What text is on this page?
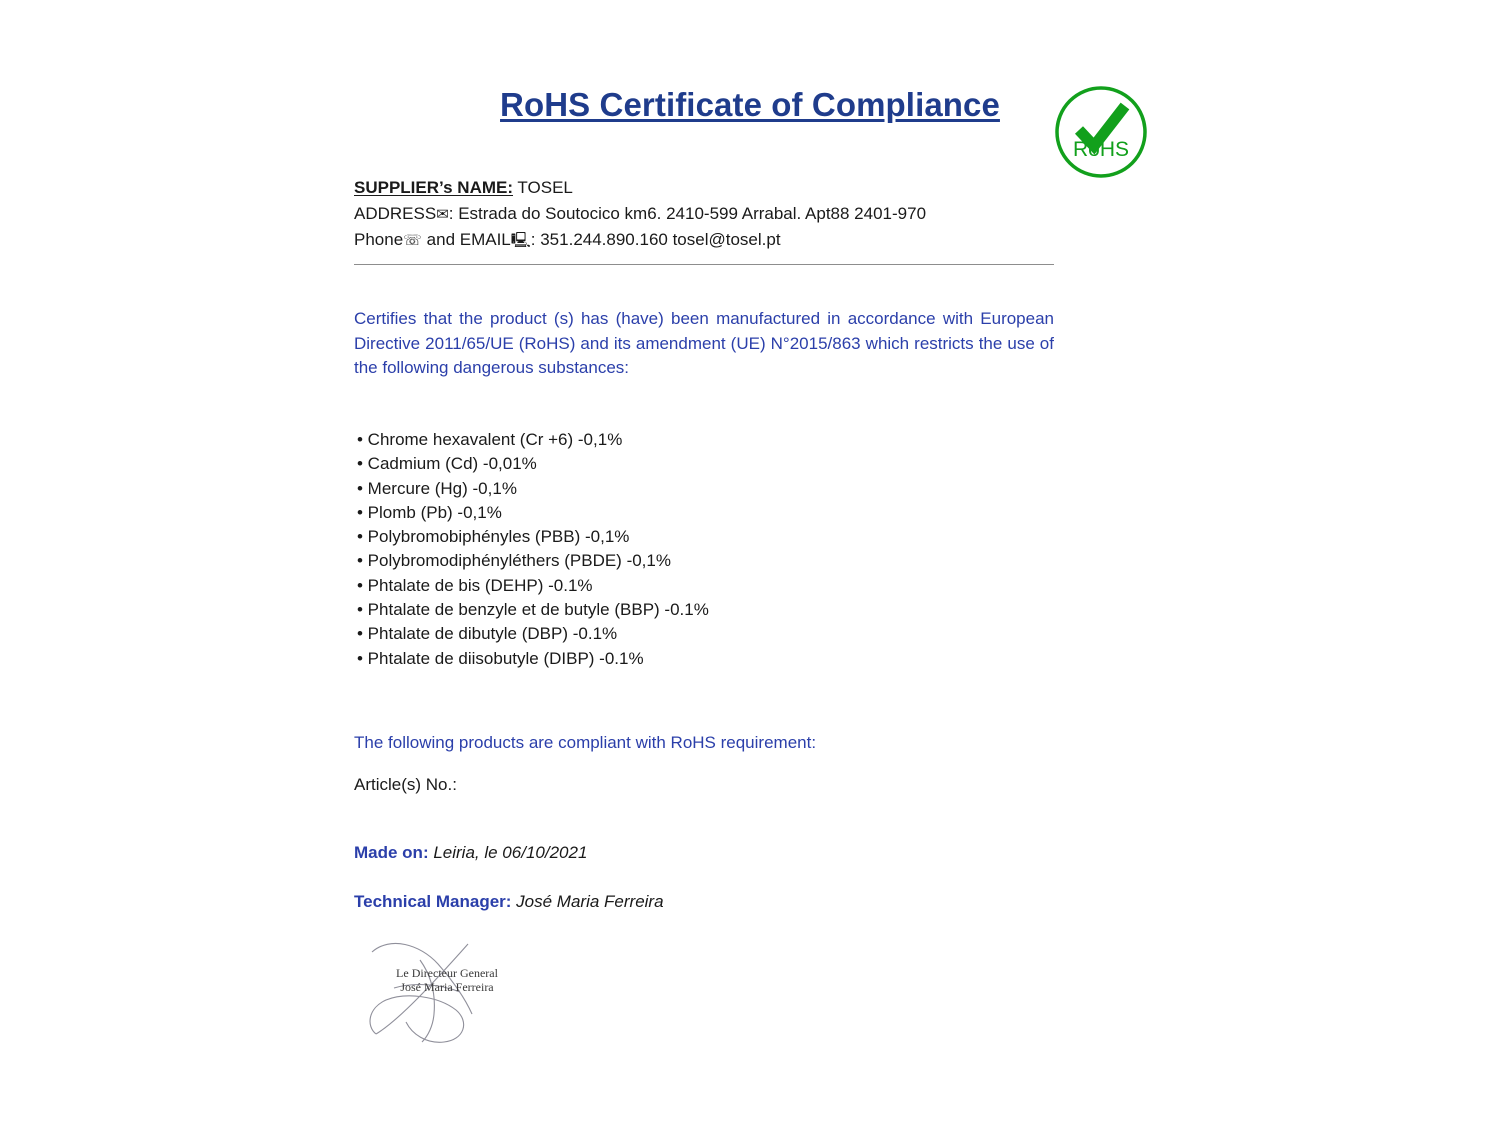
RoHS Certificate of Compliance
RoHS
SUPPLIER’s NAME: TOSEL
ADDRESS✉: Estrada do Soutocico km6. 2410-599 Arrabal. Apt88 2401-970
Phone☏ and EMAIL🖳: 351.244.890.160 tosel@tosel.pt
Certifies that the product (s) has (have) been manufactured in accordance with European Directive 2011/65/UE (RoHS) and its amendment (UE) N°2015/863 which restricts the use of the following dangerous substances:
• Chrome hexavalent (Cr +6) -0,1%
• Cadmium (Cd) -0,01%
• Mercure (Hg) -0,1%
• Plomb (Pb) -0,1%
• Polybromobiphényles (PBB) -0,1%
• Polybromodiphényléthers (PBDE) -0,1%
• Phtalate de bis (DEHP) -0.1%
• Phtalate de benzyle et de butyle (BBP) -0.1%
• Phtalate de dibutyle (DBP) -0.1%
• Phtalate de diisobutyle (DIBP) -0.1%
The following products are compliant with RoHS requirement:
Article(s) No.:
Made on: Leiria, le 06/10/2021
Technical Manager: José Maria Ferreira
Le Directeur General
José Maria Ferreira
